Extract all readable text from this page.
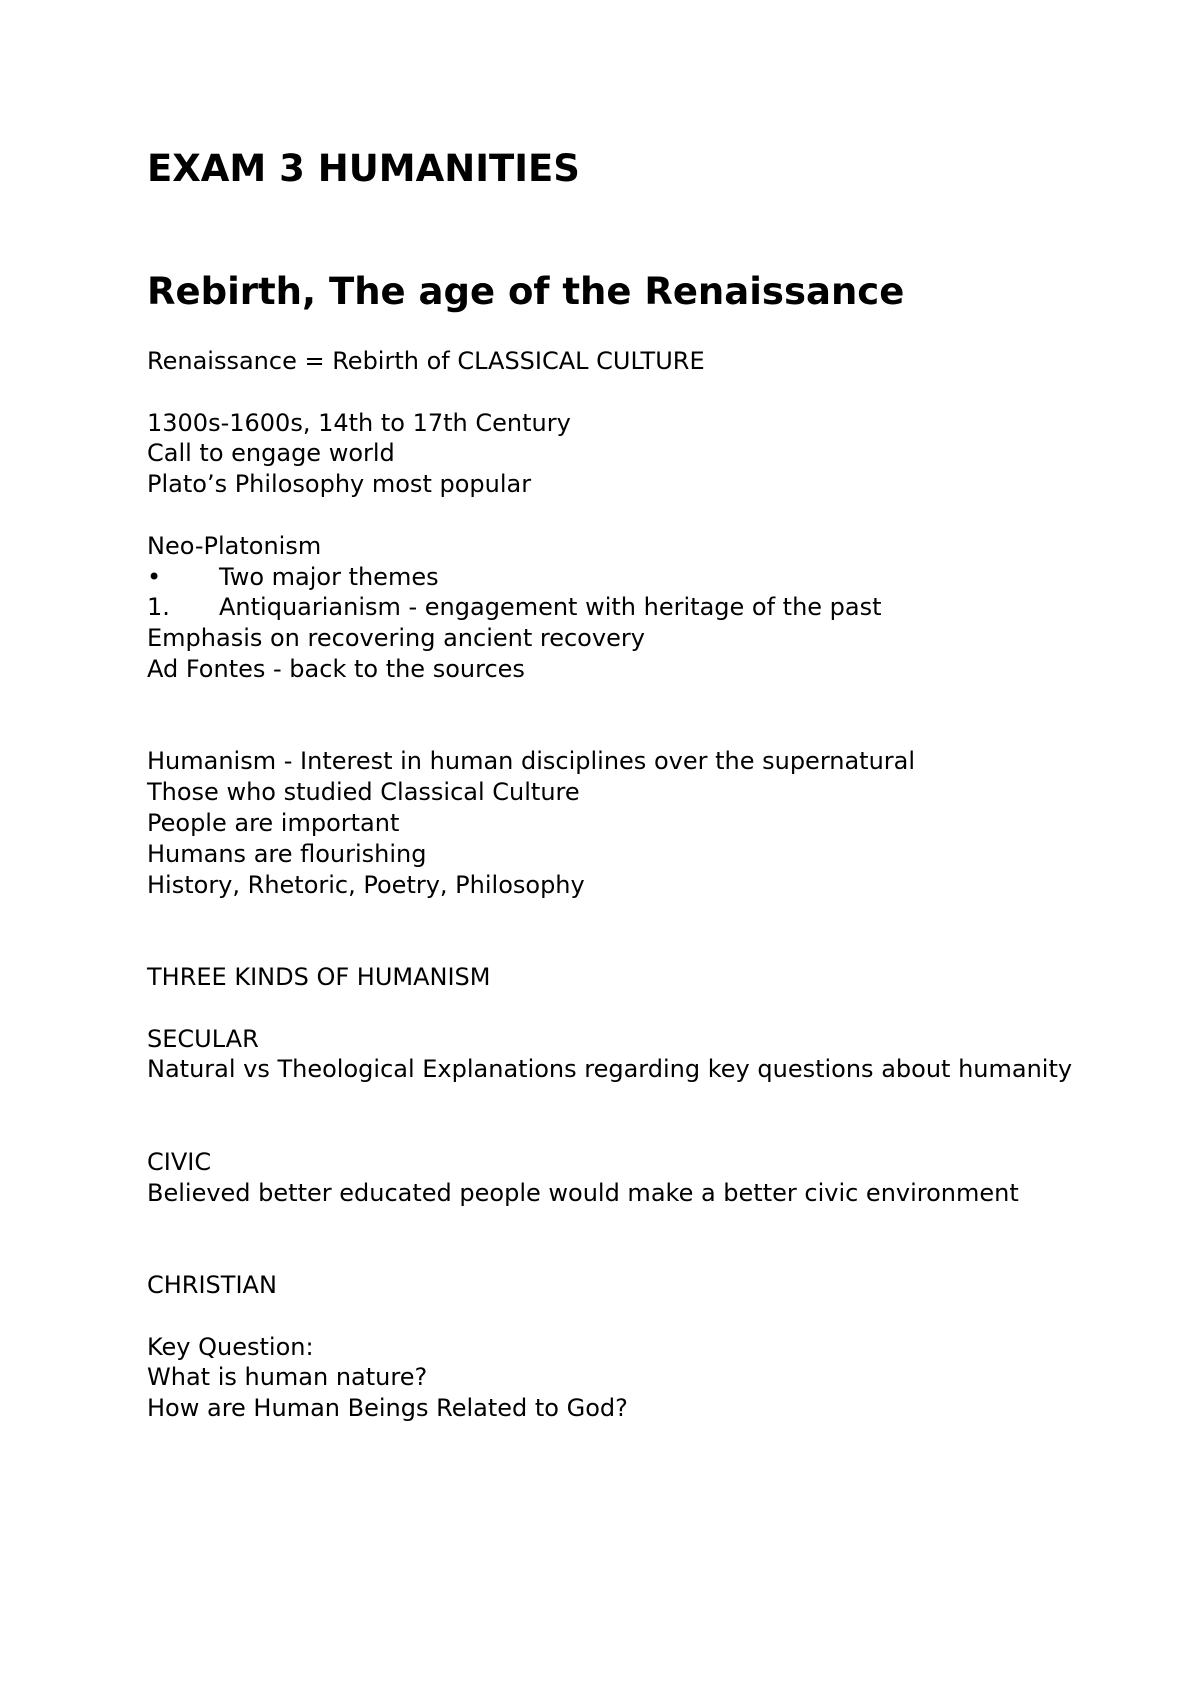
EXAM 3 HUMANITIES
Rebirth, The age of the Renaissance
Renaissance = Rebirth of CLASSICAL CULTURE
1300s-1600s, 14th to 17th Century
Call to engage world
Plato’s Philosophy most popular
Neo-Platonism
•	Two major themes
1.	Antiquarianism - engagement with heritage of the past
Emphasis on recovering ancient recovery
Ad Fontes - back to the sources
Humanism - Interest in human disciplines over the supernatural
Those who studied Classical Culture
People are important
Humans are flourishing
History, Rhetoric, Poetry, Philosophy
THREE KINDS OF HUMANISM
SECULAR
Natural vs Theological Explanations regarding key questions about humanity
CIVIC
Believed better educated people would make a better civic environment
CHRISTIAN
Key Question:
What is human nature?
How are Human Beings Related to God?
